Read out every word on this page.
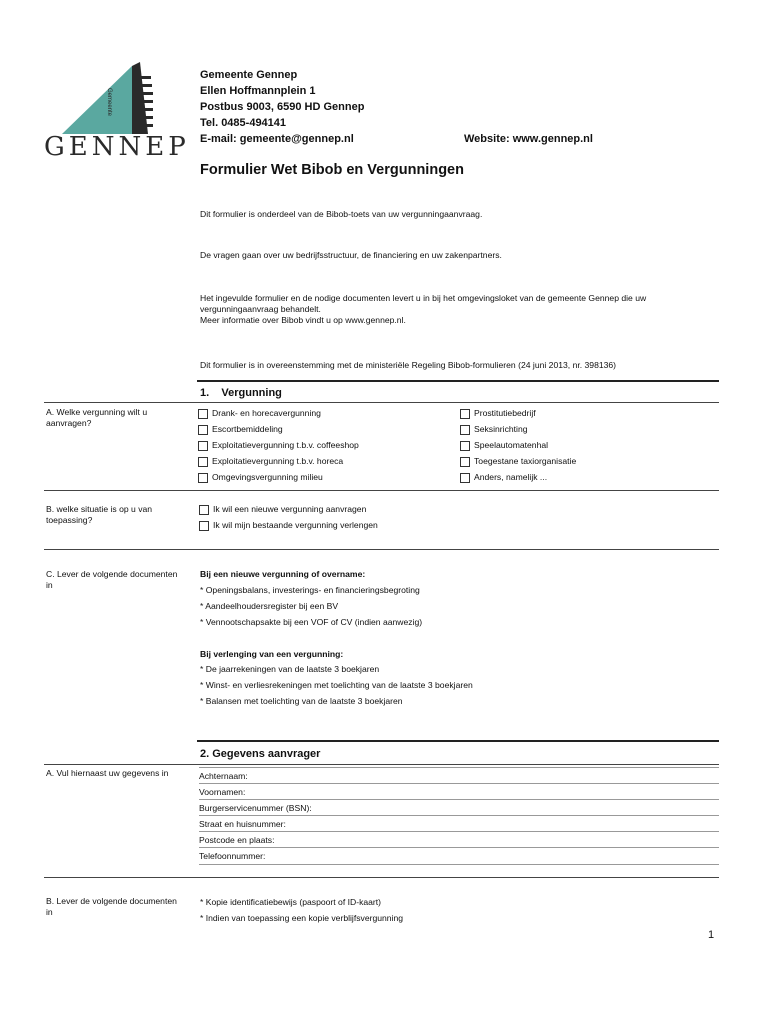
Gemeente
GENNEP
Gemeente Gennep
Ellen Hoffmannplein 1
Postbus 9003, 6590 HD Gennep
Tel. 0485-494141
E-mail: gemeente@gennep.nl	Website: www.gennep.nl
Formulier Wet Bibob en Vergunningen
Dit formulier is onderdeel van de Bibob-toets van uw vergunningaanvraag.
De vragen gaan over uw bedrijfsstructuur, de financiering en uw zakenpartners.
Het ingevulde formulier en de nodige documenten levert u in bij het omgevingsloket van de gemeente Gennep die uw
vergunningaanvraag behandelt.
Meer informatie over Bibob vindt u op www.gennep.nl.
Dit formulier is in overeenstemming met de ministeriële Regeling Bibob-formulieren (24 juni 2013, nr. 398136)
1.    Vergunning
A. Welke vergunning wilt u
aanvragen?
Drank- en horecavergunning
Escortbemiddeling
Exploitatievergunning t.b.v. coffeeshop
Exploitatievergunning t.b.v. horeca
Omgevingsvergunning milieu
Prostitutiebedrijf
Seksinrichting
Speelautomatenhal
Toegestane taxiorganisatie
Anders, namelijk ...
B. welke situatie is op u van
toepassing?
Ik wil een nieuwe vergunning aanvragen
Ik wil mijn bestaande vergunning verlengen
C. Lever de volgende documenten
in
Bij een nieuwe vergunning of overname:
* Openingsbalans, investerings- en financieringsbegroting
* Aandeelhoudersregister bij een BV
* Vennootschapsakte bij een VOF of CV (indien aanwezig)
Bij verlenging van een vergunning:
* De jaarrekeningen van de laatste 3 boekjaren
* Winst- en verliesrekeningen met toelichting van de laatste 3 boekjaren
* Balansen met toelichting van de laatste 3 boekjaren
2. Gegevens aanvrager
A. Vul hiernaast uw gegevens in	Achternaam:
Voornamen:
Burgerservicenummer (BSN):
Straat en huisnummer:
Postcode en plaats:
Telefoonnummer:
B. Lever de volgende documenten
in
* Kopie identificatiebewijs (paspoort of ID-kaart)
* Indien van toepassing een kopie verblijfsvergunning
1
